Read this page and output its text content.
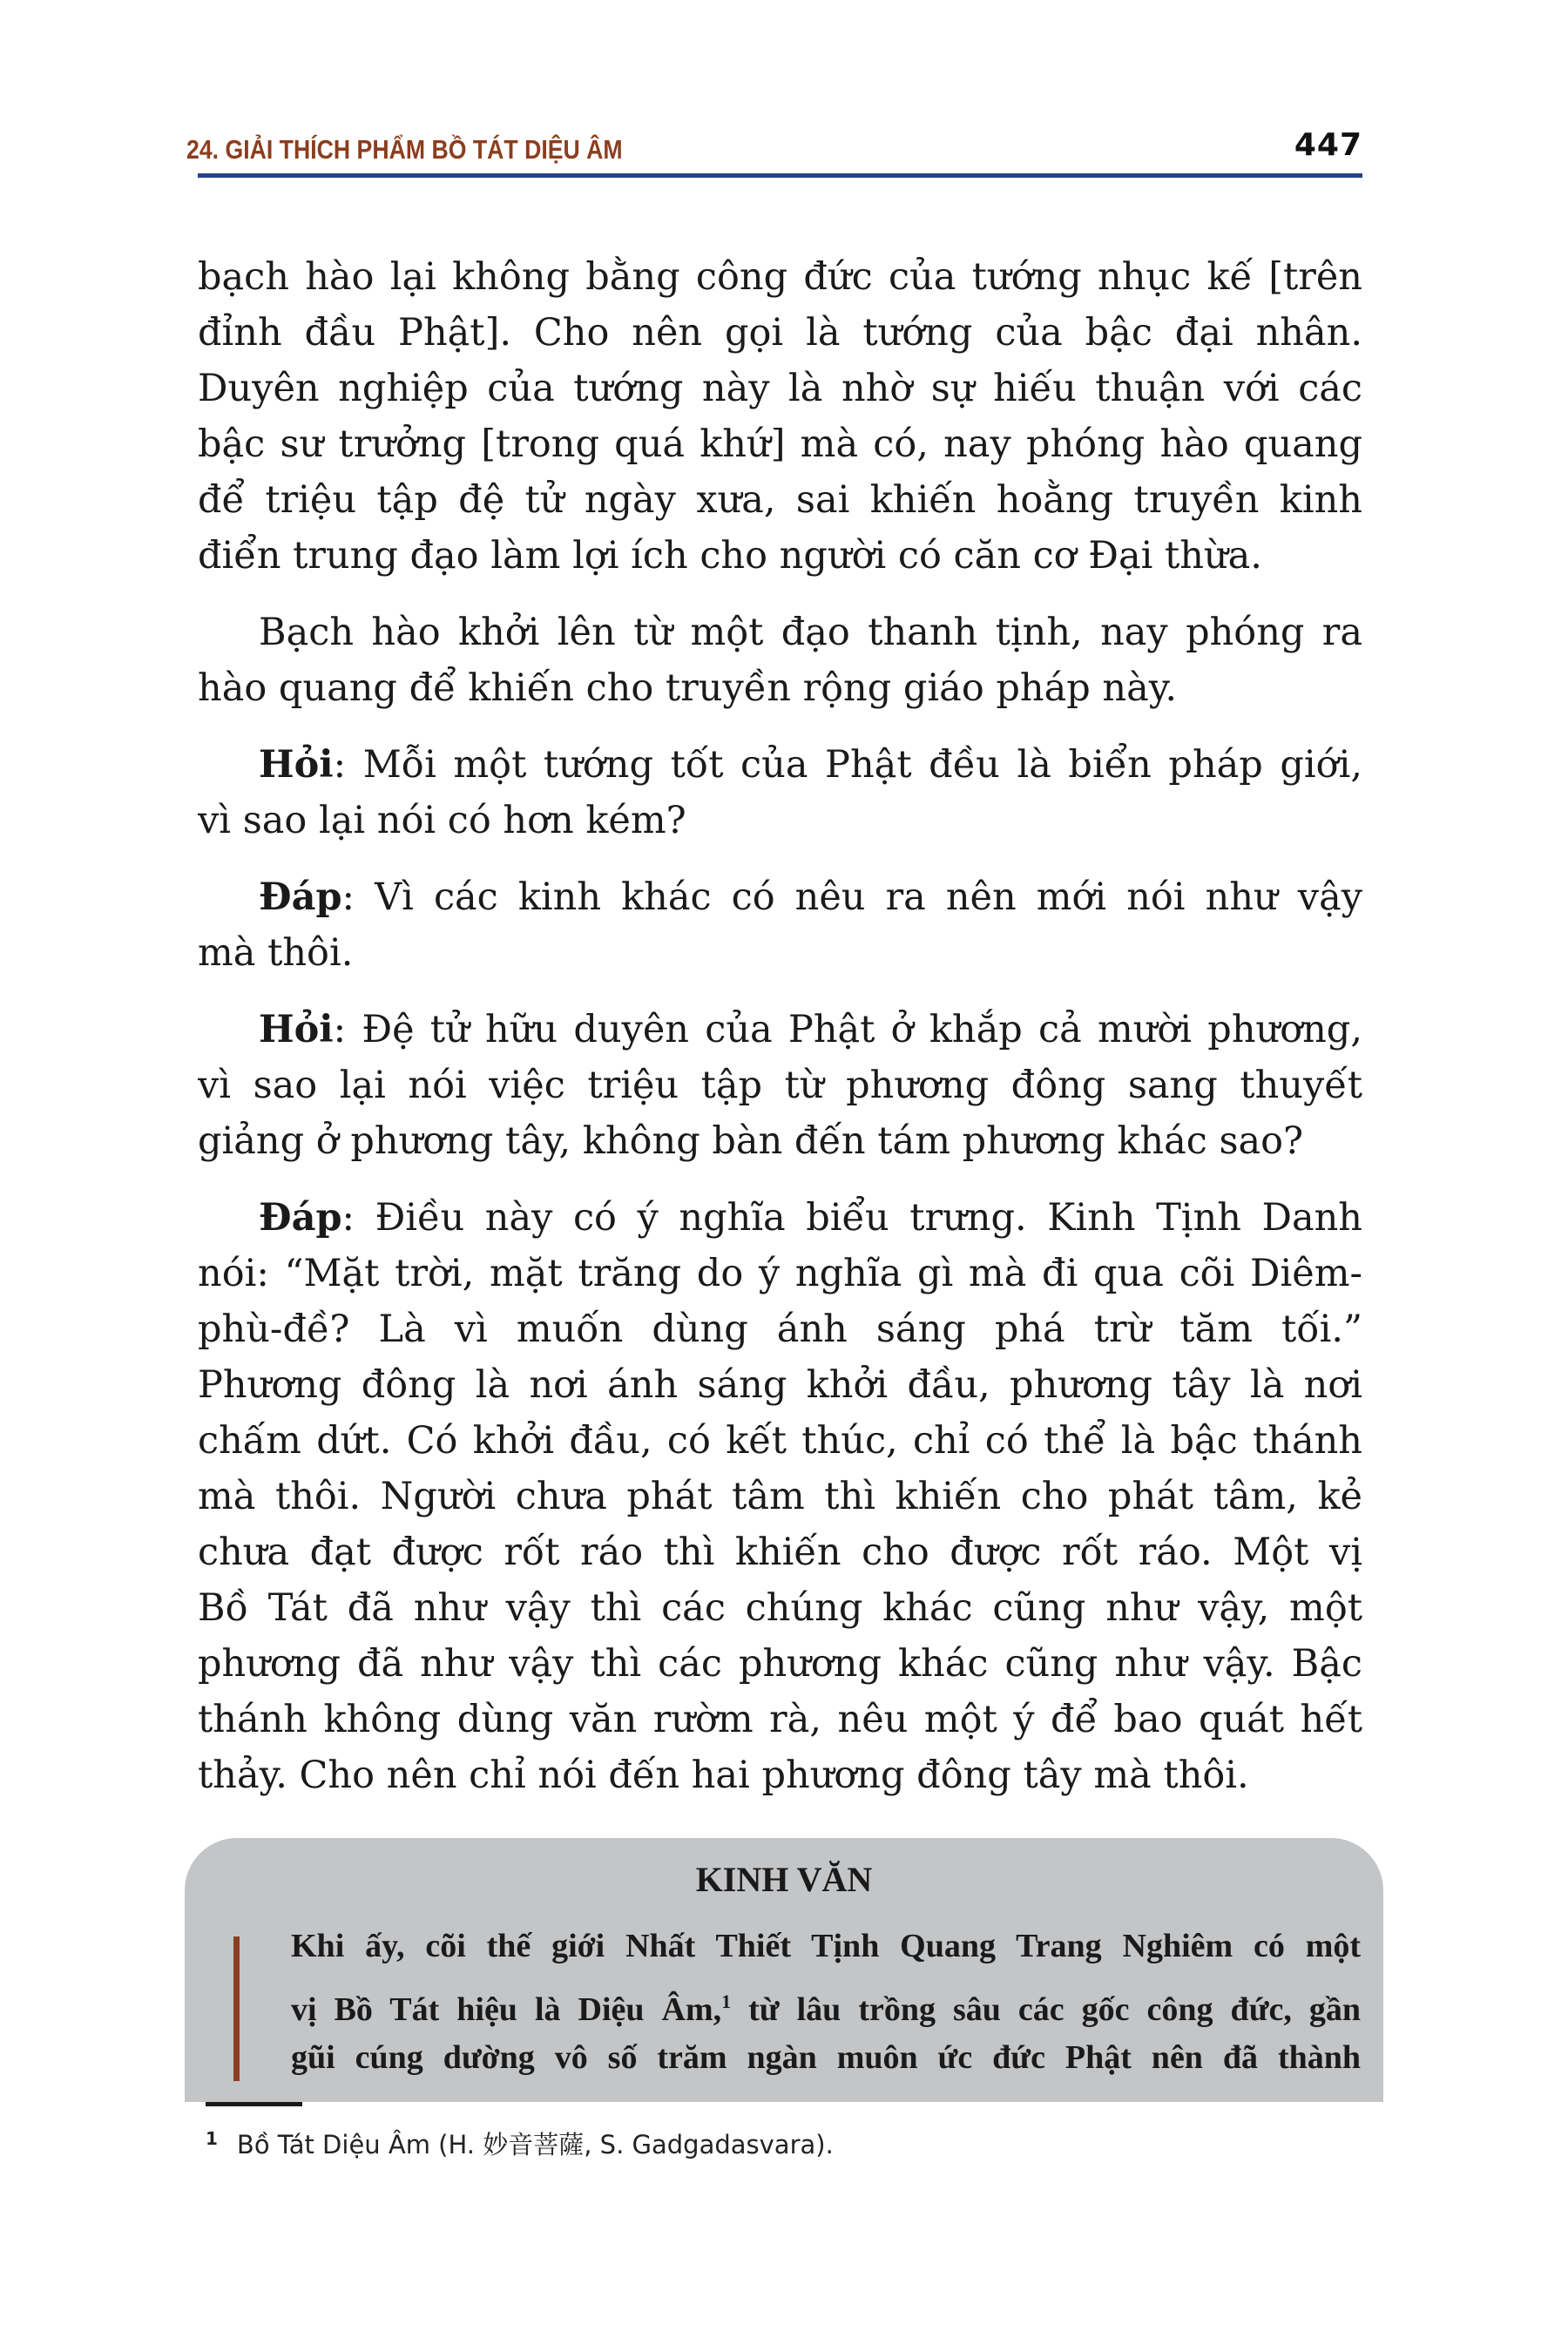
24. GIẢI THÍCH PHẨM BỒ TÁT DIỆU ÂM	447
bạch hào lại không bằng công đức của tướng nhục kế [trên
đỉnh đầu Phật]. Cho nên gọi là tướng của bậc đại nhân.
Duyên nghiệp của tướng này là nhờ sự hiếu thuận với các
bậc sư trưởng [trong quá khứ] mà có, nay phóng hào quang
để triệu tập đệ tử ngày xưa, sai khiến hoằng truyền kinh
điển trung đạo làm lợi ích cho người có căn cơ Đại thừa.
Bạch hào khởi lên từ một đạo thanh tịnh, nay phóng ra
hào quang để khiến cho truyền rộng giáo pháp này.
Hỏi: Mỗi một tướng tốt của Phật đều là biển pháp giới,
vì sao lại nói có hơn kém?
Đáp: Vì các kinh khác có nêu ra nên mới nói như vậy
mà thôi.
Hỏi: Đệ tử hữu duyên của Phật ở khắp cả mười phương,
vì sao lại nói việc triệu tập từ phương đông sang thuyết
giảng ở phương tây, không bàn đến tám phương khác sao?
Đáp: Điều này có ý nghĩa biểu trưng. Kinh Tịnh Danh
nói: “Mặt trời, mặt trăng do ý nghĩa gì mà đi qua cõi Diêm-
phù-đề? Là vì muốn dùng ánh sáng phá trừ tăm tối.”
Phương đông là nơi ánh sáng khởi đầu, phương tây là nơi
chấm dứt. Có khởi đầu, có kết thúc, chỉ có thể là bậc thánh
mà thôi. Người chưa phát tâm thì khiến cho phát tâm, kẻ
chưa đạt được rốt ráo thì khiến cho được rốt ráo. Một vị
Bồ Tát đã như vậy thì các chúng khác cũng như vậy, một
phương đã như vậy thì các phương khác cũng như vậy. Bậc
thánh không dùng văn rườm rà, nêu một ý để bao quát hết
thảy. Cho nên chỉ nói đến hai phương đông tây mà thôi.
KINH VĂN
Khi ấy, cõi thế giới Nhất Thiết Tịnh Quang Trang Nghiêm có một
vị Bồ Tát hiệu là Diệu Âm,$^1$ từ lâu trồng sâu các gốc công đức, gần
gũi cúng dường vô số trăm ngàn muôn ức đức Phật nên đã thành
$^1$ Bồ Tát Diệu Âm (H. 妙音菩薩, S. Gadgadasvara).
